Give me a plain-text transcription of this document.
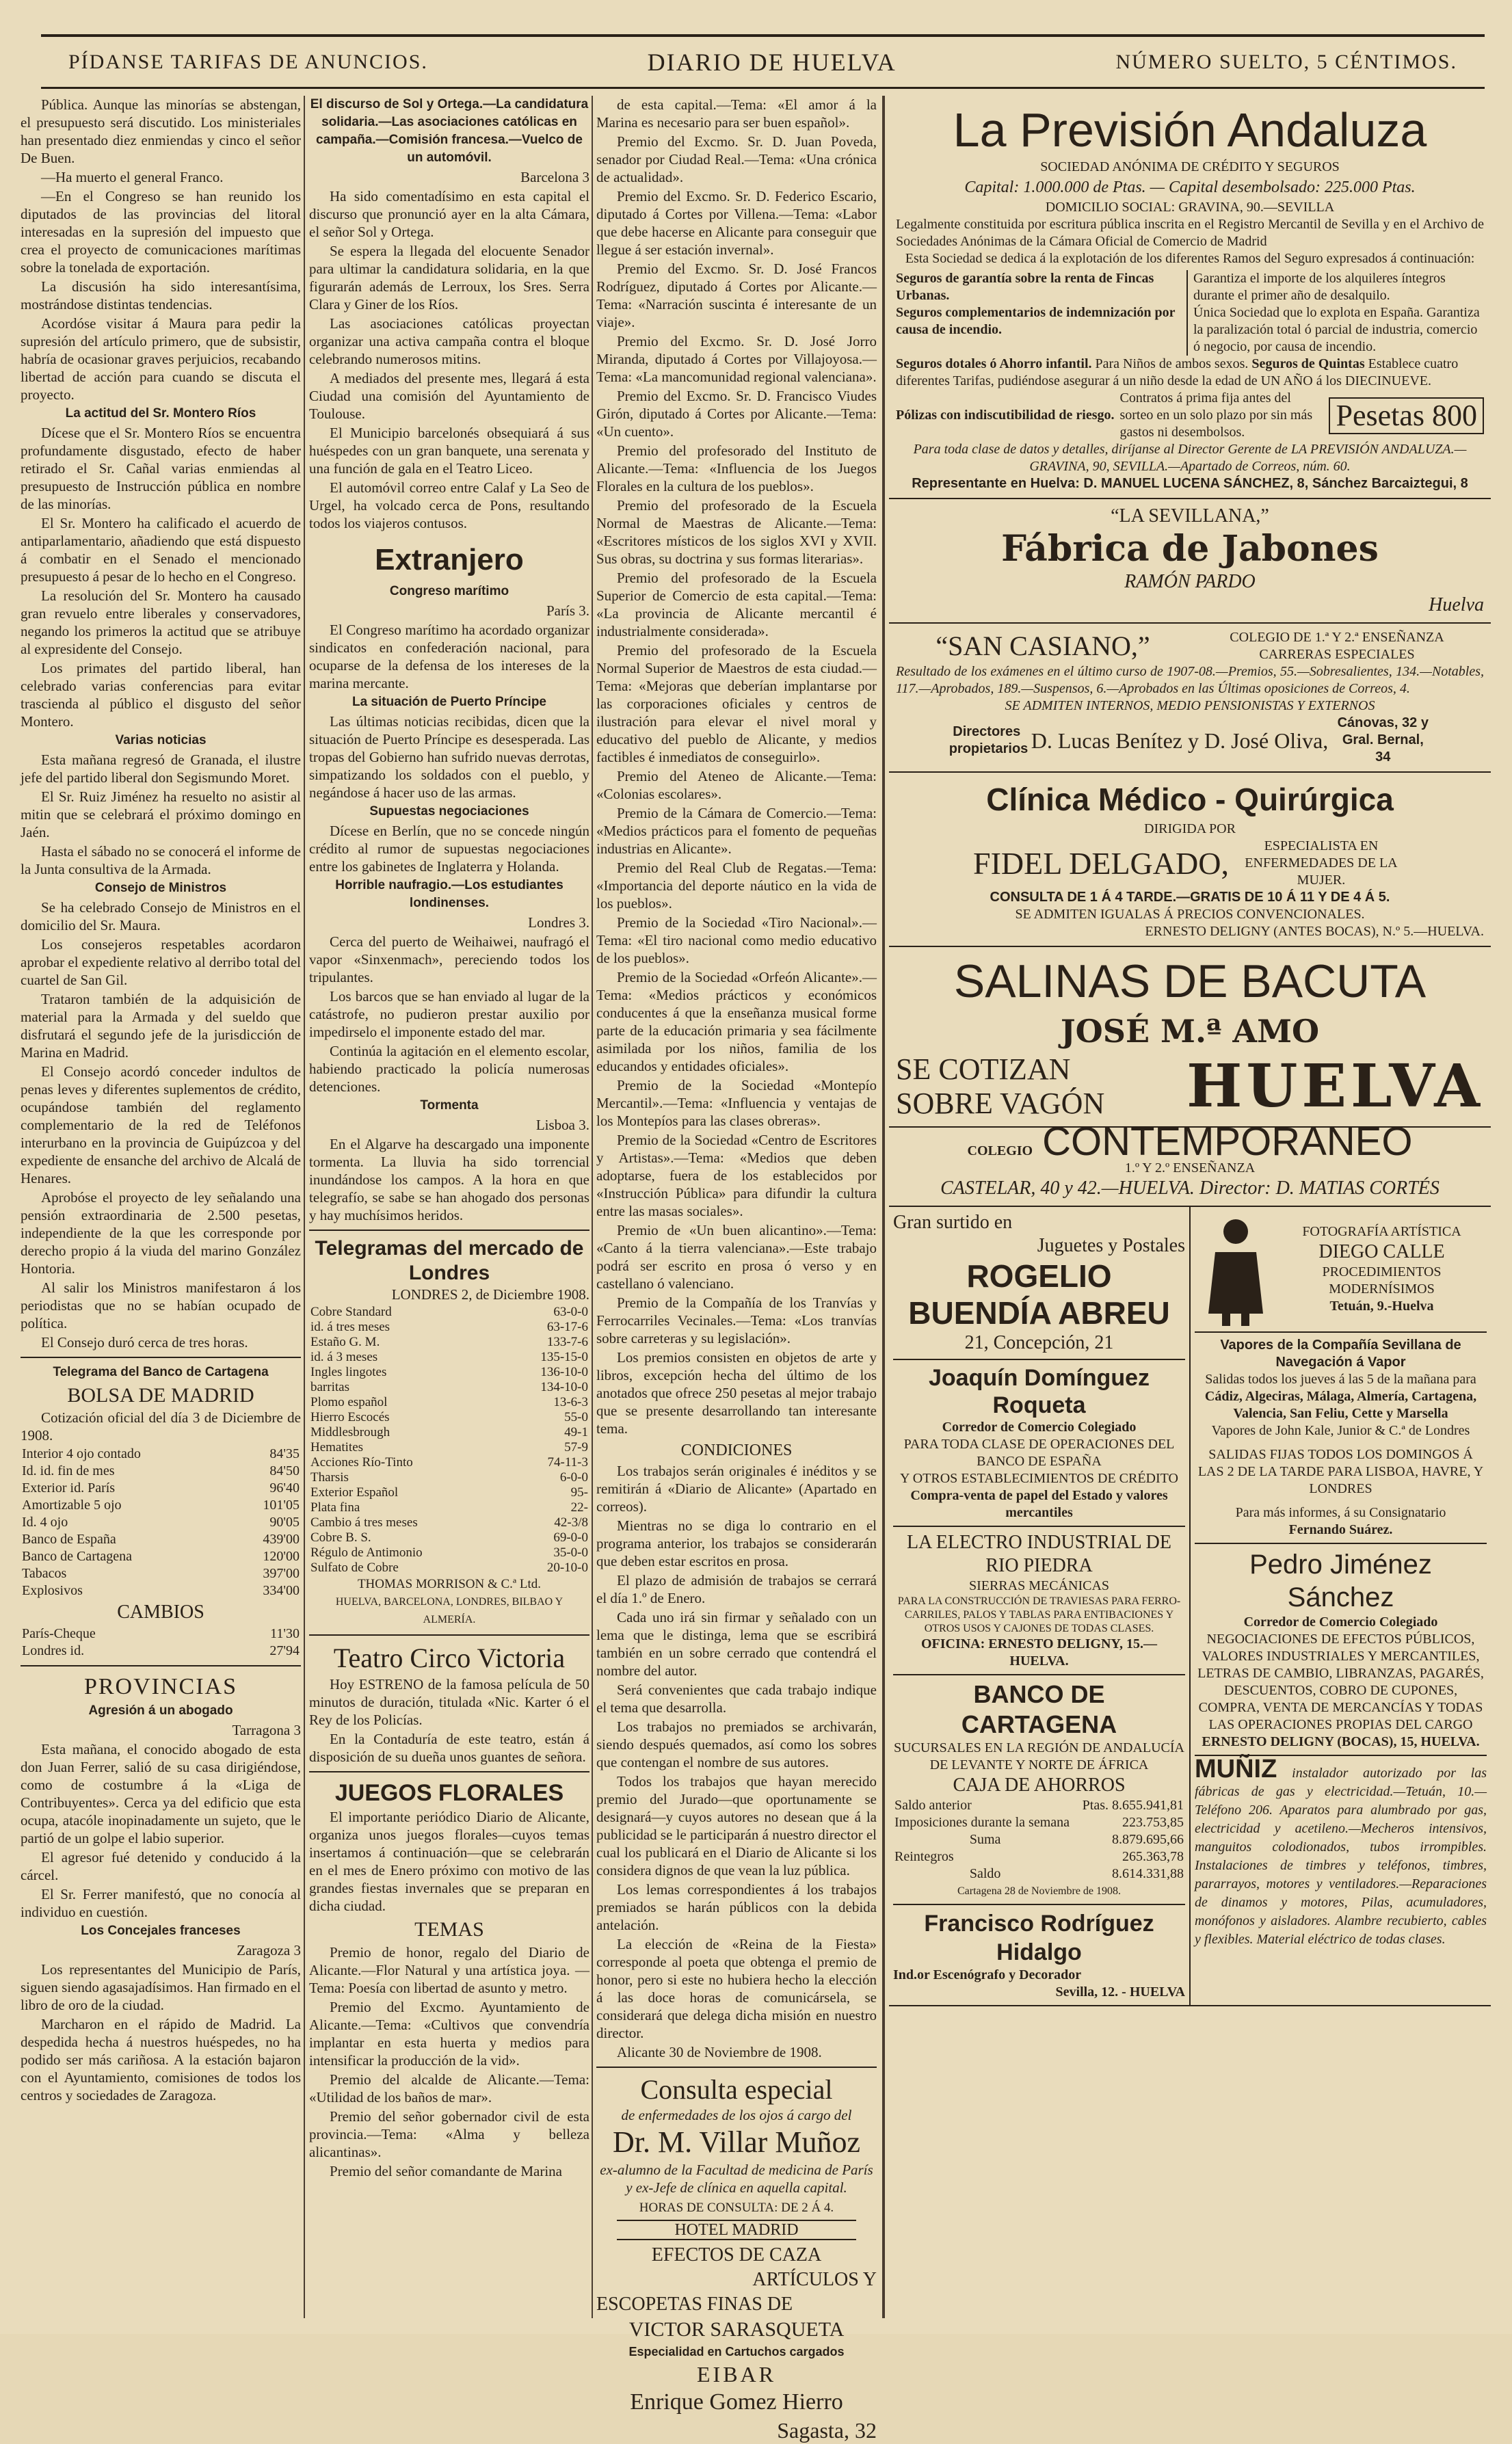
PÍDANSE TARIFAS DE ANUNCIOS.	DIARIO DE HUELVA	NÚMERO SUELTO, 5 CÉNTIMOS.

Pública. Aunque las minorías se abstengan, el presupuesto será discutido. Los ministeriales han presentado diez enmiendas y cinco el señor De Buen.

—Ha muerto el general Franco.

—En el Congreso se han reunido los diputados de las provincias del litoral interesadas en la supresión del impuesto que crea el proyecto de comunicaciones marítimas sobre la tonelada de exportación.

La discusión ha sido interesantísima, mostrándose distintas tendencias.

Acordóse visitar á Maura para pedir la supresión del artículo primero, que de subsistir, habría de ocasionar graves perjuicios, recabando libertad de acción para cuando se discuta el proyecto.

La actitud del Sr. Montero Ríos

Dícese que el Sr. Montero Ríos se encuentra profundamente disgustado, efecto de haber retirado el Sr. Cañal varias enmiendas al presupuesto de Instrucción pública en nombre de las minorías.

El Sr. Montero ha calificado el acuerdo de antiparlamentario, añadiendo que está dispuesto á combatir en el Senado el mencionado presupuesto á pesar de lo hecho en el Congreso.

La resolución del Sr. Montero ha causado gran revuelo entre liberales y conservadores, negando los primeros la actitud que se atribuye al expresidente del Consejo.

Los primates del partido liberal, han celebrado varias conferencias para evitar trascienda al público el disgusto del señor Montero.

Varias noticias

Esta mañana regresó de Granada, el ilustre jefe del partido liberal don Segismundo Moret.

El Sr. Ruiz Jiménez ha resuelto no asistir al mitin que se celebrará el próximo domingo en Jaén.

Hasta el sábado no se conocerá el informe de la Junta consultiva de la Armada.

Consejo de Ministros

Se ha celebrado Consejo de Ministros en el domicilio del Sr. Maura.

Los consejeros respetables acordaron aprobar el expediente relativo al derribo total del cuartel de San Gil.

Trataron también de la adquisición de material para la Armada y del sueldo que disfrutará el segundo jefe de la jurisdicción de Marina en Madrid.

El Consejo acordó conceder indultos de penas leves y diferentes suplementos de crédito, ocupándose también del reglamento complementario de la red de Teléfonos interurbano en la provincia de Guipúzcoa y del expediente de ensanche del archivo de Alcalá de Henares.

Aprobóse el proyecto de ley señalando una pensión extraordinaria de 2.500 pesetas, independiente de la que les corresponde por derecho propio á la viuda del marino González Hontoria.

Al salir los Ministros manifestaron á los periodistas que no se habían ocupado de política.

El Consejo duró cerca de tres horas.

Telegrama del Banco de Cartagena

BOLSA DE MADRID

Cotización oficial del día 3 de Diciembre de 1908.

Interior 4 ojo contado	84'35
Id. id. fin de mes	84'50
Exterior id. París	96'40
Amortizable 5 ojo	101'05
Id. 4 ojo	90'05
Banco de España	439'00
Banco de Cartagena	120'00
Tabacos	397'00
Explosivos	334'00
CAMBIOS
París-Cheque	11'30
Londres id.	27'94
PROVINCIAS

Agresión á un abogado

Tarragona 3

Esta mañana, el conocido abogado de esta don Juan Ferrer, salió de su casa dirigiéndose, como de costumbre á la «Liga de Contribuyentes». Cerca ya del edificio que esta ocupa, atacóle inopinadamente un sujeto, que le partió de un golpe el labio superior.

El agresor fué detenido y conducido á la cárcel.

El Sr. Ferrer manifestó, que no conocía al individuo en cuestión.

Los Concejales franceses

Zaragoza 3

Los representantes del Municipio de París, siguen siendo agasajadísimos. Han firmado en el libro de oro de la ciudad.

Marcharon en el rápido de Madrid. La despedida hecha á nuestros huéspedes, no ha podido ser más cariñosa. A la estación bajaron con el Ayuntamiento, comisiones de todos los centros y sociedades de Zaragoza.

El discurso de Sol y Ortega.—La candidatura solidaria.—Las asociaciones católicas en campaña.—Comisión francesa.—Vuelco de un automóvil.

Barcelona 3

Ha sido comentadísimo en esta capital el discurso que pronunció ayer en la alta Cámara, el señor Sol y Ortega.

Se espera la llegada del elocuente Senador para ultimar la candidatura solidaria, en la que figurarán además de Lerroux, los Sres. Serra Clara y Giner de los Ríos.

Las asociaciones católicas proyectan organizar una activa campaña contra el bloque celebrando numerosos mitins.

A mediados del presente mes, llegará á esta Ciudad una comisión del Ayuntamiento de Toulouse.

El Municipio barcelonés obsequiará á sus huéspedes con un gran banquete, una serenata y una función de gala en el Teatro Liceo.

El automóvil correo entre Calaf y La Seo de Urgel, ha volcado cerca de Pons, resultando todos los viajeros contusos.

Extranjero

Congreso marítimo

París 3.

El Congreso marítimo ha acordado organizar sindicatos en confederación nacional, para ocuparse de la defensa de los intereses de la marina mercante.

La situación de Puerto Príncipe

Las últimas noticias recibidas, dicen que la situación de Puerto Príncipe es desesperada. Las tropas del Gobierno han sufrido nuevas derrotas, simpatizando los soldados con el pueblo, y negándose á hacer uso de las armas.

Supuestas negociaciones

Dícese en Berlín, que no se concede ningún crédito al rumor de supuestas negociaciones entre los gabinetes de Inglaterra y Holanda.

Horrible naufragio.—Los estudiantes londinenses.

Londres 3.

Cerca del puerto de Weihaiwei, naufragó el vapor «Sinxenmach», pereciendo todos los tripulantes.

Los barcos que se han enviado al lugar de la catástrofe, no pudieron prestar auxilio por impedirselo el imponente estado del mar.

Continúa la agitación en el elemento escolar, habiendo practicado la policía numerosas detenciones.

Tormenta

Lisboa 3.

En el Algarve ha descargado una imponente tormenta. La lluvia ha sido torrencial inundándose los campos. A la hora en que telegrafío, se sabe se han ahogado dos personas y hay muchísimos heridos.

Telegramas del mercado de Londres

LONDRES 2, de Diciembre 1908.

Cobre Standard	63-0-0
id. á tres meses	63-17-6
Estaño G. M.	133-7-6
id. á 3 meses	135-15-0
Ingles lingotes	136-10-0
barritas	134-10-0
Plomo español	13-6-3
Hierro Escocés	55-0
Middlesbrough	49-1
Hematites	57-9
Acciones Río-Tinto	74-11-3
Tharsis	6-0-0
Exterior Español	95-
Plata fina	22-
Cambio á tres meses	42-3/8
Cobre B. S.	69-0-0
Régulo de Antimonio	35-0-0
Sulfato de Cobre	20-10-0
THOMAS MORRISON & C.ª Ltd.
HUELVA, BARCELONA, LONDRES, BILBAO Y ALMERÍA.
Teatro Circo Victoria

Hoy ESTRENO de la famosa película de 50 minutos de duración, titulada «Nic. Karter ó el Rey de los Policías.

En la Contaduría de este teatro, están á disposición de su dueña unos guantes de señora.

JUEGOS FLORALES

El importante periódico Diario de Alicante, organiza unos juegos florales—cuyos temas insertamos á continuación—que se celebrarán en el mes de Enero próximo con motivo de las grandes fiestas invernales que se preparan en dicha ciudad.

TEMAS

Premio de honor, regalo del Diario de Alicante.—Flor Natural y una artística joya. —Tema: Poesía con libertad de asunto y metro.

Premio del Excmo. Ayuntamiento de Alicante.—Tema: «Cultivos que convendría implantar en esta huerta y medios para intensificar la producción de la vid».

Premio del alcalde de Alicante.—Tema: «Utilidad de los baños de mar».

Premio del señor gobernador civil de esta provincia.—Tema: «Alma y belleza alicantinas».

Premio del señor comandante de Marina

de esta capital.—Tema: «El amor á la Marina es necesario para ser buen español».

Premio del Excmo. Sr. D. Juan Poveda, senador por Ciudad Real.—Tema: «Una crónica de actualidad».

Premio del Excmo. Sr. D. Federico Escario, diputado á Cortes por Villena.—Tema: «Labor que debe hacerse en Alicante para conseguir que llegue á ser estación invernal».

Premio del Excmo. Sr. D. José Francos Rodríguez, diputado á Cortes por Alicante.—Tema: «Narración suscinta é interesante de un viaje».

Premio del Excmo. Sr. D. José Jorro Miranda, diputado á Cortes por Villajoyosa.—Tema: «La mancomunidad regional valenciana».

Premio del Excmo. Sr. D. Francisco Viudes Girón, diputado á Cortes por Alicante.—Tema: «Un cuento».

Premio del profesorado del Instituto de Alicante.—Tema: «Influencia de los Juegos Florales en la cultura de los pueblos».

Premio del profesorado de la Escuela Normal de Maestras de Alicante.—Tema: «Escritores místicos de los siglos XVI y XVII. Sus obras, su doctrina y sus formas literarias».

Premio del profesorado de la Escuela Superior de Comercio de esta capital.—Tema: «La provincia de Alicante mercantil é industrialmente considerada».

Premio del profesorado de la Escuela Normal Superior de Maestros de esta ciudad.—Tema: «Mejoras que deberían implantarse por las corporaciones oficiales y centros de ilustración para elevar el nivel moral y educativo del pueblo de Alicante, y medios factibles é inmediatos de conseguirlo».

Premio del Ateneo de Alicante.—Tema: «Colonias escolares».

Premio de la Cámara de Comercio.—Tema: «Medios prácticos para el fomento de pequeñas industrias en Alicante».

Premio del Real Club de Regatas.—Tema: «Importancia del deporte náutico en la vida de los pueblos».

Premio de la Sociedad «Tiro Nacional».—Tema: «El tiro nacional como medio educativo de los pueblos».

Premio de la Sociedad «Orfeón Alicante».—Tema: «Medios prácticos y económicos conducentes á que la enseñanza musical forme parte de la educación primaria y sea fácilmente asimilada por los niños, familia de los educandos y entidades oficiales».

Premio de la Sociedad «Montepío Mercantil».—Tema: «Influencia y ventajas de los Montepíos para las clases obreras».

Premio de la Sociedad «Centro de Escritores y Artistas».—Tema: «Medios que deben adoptarse, fuera de los establecidos por «Instrucción Pública» para difundir la cultura entre las masas sociales».

Premio de «Un buen alicantino».—Tema: «Canto á la tierra valenciana».—Este trabajo podrá ser escrito en prosa ó verso y en castellano ó valenciano.

Premio de la Compañía de los Tranvías y Ferrocarriles Vecinales.—Tema: «Los tranvías sobre carreteras y su legislación».

Los premios consisten en objetos de arte y libros, excepción hecha del último de los anotados que ofrece 250 pesetas al mejor trabajo que se presente desarrollando tan interesante tema.

CONDICIONES

Los trabajos serán originales é inéditos y se remitirán á «Diario de Alicante» (Apartado en correos).

Mientras no se diga lo contrario en el programa anterior, los trabajos se considerarán que deben estar escritos en prosa.

El plazo de admisión de trabajos se cerrará el día 1.º de Enero.

Cada uno irá sin firmar y señalado con un lema que le distinga, lema que se escribirá también en un sobre cerrado que contendrá el nombre del autor.

Será convenientes que cada trabajo indique el tema que desarrolla.

Los trabajos no premiados se archivarán, siendo después quemados, así como los sobres que contengan el nombre de sus autores.

Todos los trabajos que hayan merecido premio del Jurado—que oportunamente se designará—y cuyos autores no desean que á la publicidad se le participarán á nuestro director el cual los publicará en el Diario de Alicante si los considera dignos de que vean la luz pública.

Los lemas correspondientes á los trabajos premiados se harán públicos con la debida antelación.

La elección de «Reina de la Fiesta» corresponde al poeta que obtenga el premio de honor, pero si este no hubiera hecho la elección á las doce horas de comunicársela, se considerará que delega dicha misión en nuestro director.

Alicante 30 de Noviembre de 1908.

Consulta especial
de enfermedades de los ojos á cargo del
Dr. M. Villar Muñoz
ex-alumno de la Facultad de medicina de París y ex-Jefe de clínica en aquella capital.
HORAS DE CONSULTA: DE 2 Á 4.
HOTEL MADRID
EFECTOS DE CAZA
ARTÍCULOS Y
ESCOPETAS FINAS DE
VICTOR SARASQUETA
Especialidad en Cartuchos cargados
EIBAR
Enrique Gomez Hierro
Sagasta, 32
La Previsión Andaluza
SOCIEDAD ANÓNIMA DE CRÉDITO Y SEGUROS
Capital: 1.000.000 de Ptas. — Capital desembolsado: 225.000 Ptas.
DOMICILIO SOCIAL: GRAVINA, 90.—SEVILLA
Legalmente constituida por escritura pública inscrita en el Registro Mercantil de Sevilla y en el Archivo de Sociedades Anónimas de la Cámara Oficial de Comercio de Madrid
Esta Sociedad se dedica á la explotación de los diferentes Ramos del Seguro expresados á continuación:
Seguros de garantía sobre la renta de Fincas Urbanas.
Garantiza el importe de los alquileres íntegros durante el primer año de desalquilo.
Seguros complementarios de indemnización por causa de incendio.
Única Sociedad que lo explota en España. Garantiza la paralización total ó parcial de industria, comercio ó negocio, por causa de incendio.
Seguros dotales ó Ahorro infantil. Para Niños de ambos sexos. Seguros de Quintas Establece cuatro diferentes Tarifas, pudiéndose asegurar á un niño desde la edad de UN AÑO á los DIECINUEVE.
Pólizas con indiscutibilidad de riesgo.
Contratos á prima fija antes del sorteo en un solo plazo por sin más gastos ni desembolsos.
Pesetas 800
Para toda clase de datos y detalles, diríjanse al Director Gerente de LA PREVISIÓN ANDALUZA.—GRAVINA, 90, SEVILLA.—Apartado de Correos, núm. 60.
Representante en Huelva: D. MANUEL LUCENA SÁNCHEZ, 8, Sánchez Barcaiztegui, 8
“LA SEVILLANA,”
Fábrica de Jabones
RAMÓN PARDO
Huelva
“SAN CASIANO,”	COLEGIO DE 1.ª Y 2.ª ENSEÑANZA
CARRERAS ESPECIALES
Resultado de los exámenes en el último curso de 1907-08.—Premios, 55.—Sobresalientes, 134.—Notables, 117.—Aprobados, 189.—Suspensos, 6.—Aprobados en las Últimas oposiciones de Correos, 4.
SE ADMITEN INTERNOS, MEDIO PENSIONISTAS Y EXTERNOS
Directores propietarios D. Lucas Benítez y D. José Oliva,
Cánovas, 32 y Gral. Bernal, 34
Clínica Médico - Quirúrgica
DIRIGIDA POR
FIDEL DELGADO,	ESPECIALISTA EN ENFERMEDADES DE LA MUJER.
CONSULTA DE 1 Á 4 TARDE.—GRATIS DE 10 Á 11 Y DE 4 Á 5.
SE ADMITEN IGUALAS Á PRECIOS CONVENCIONALES.
ERNESTO DELIGNY (ANTES BOCAS), N.º 5.—HUELVA.
SALINAS DE BACUTA
JOSÉ M.ª AMO
SE COTIZAN
SOBRE VAGÓN HUELVA
COLEGIO CONTEMPORANEO
1.º Y 2.º ENSEÑANZA
CASTELAR, 40 y 42.—HUELVA. Director: D. MATIAS CORTÉS
Gran surtido en
Juguetes y Postales
ROGELIO BUENDÍA ABREU
21, Concepción, 21
Joaquín Domínguez Roqueta
Corredor de Comercio Colegiado
PARA TODA CLASE DE OPERACIONES DEL BANCO DE ESPAÑA
Y OTROS ESTABLECIMIENTOS DE CRÉDITO
Compra-venta de papel del Estado y valores mercantiles
LA ELECTRO INDUSTRIAL DE RIO PIEDRA
SIERRAS MECÁNICAS
PARA LA CONSTRUCCIÓN DE TRAVIESAS PARA FERRO-CARRILES, PALOS Y TABLAS PARA ENTIBACIONES Y OTROS USOS Y CAJONES DE TODAS CLASES.
OFICINA: ERNESTO DELIGNY, 15.—HUELVA.
BANCO DE CARTAGENA
SUCURSALES EN LA REGIÓN DE ANDALUCÍA DE LEVANTE Y NORTE DE ÁFRICA
CAJA DE AHORROS
Saldo anterior	Ptas. 8.655.941,81
Imposiciones durante la semana	223.753,85
Suma	8.879.695,66
Reintegros	265.363,78
Saldo	8.614.331,88
Cartagena 28 de Noviembre de 1908.
Francisco Rodríguez Hidalgo
Ind.or Escenógrafo y Decorador
Sevilla, 12. - HUELVA
FOTOGRAFÍA ARTÍSTICA
DIEGO CALLE
PROCEDIMIENTOS
MODERNÍSIMOS
Tetuán, 9.-Huelva
Vapores de la Compañía Sevillana de Navegación á Vapor
Salidas todos los jueves á las 5 de la mañana para
Cádiz, Algeciras, Málaga, Almería, Cartagena, Valencia, San Feliu, Cette y Marsella
Vapores de John Kale, Junior & C.ª de Londres
SALIDAS FIJAS TODOS LOS DOMINGOS Á LAS 2 DE LA TARDE PARA LISBOA, HAVRE, Y LONDRES
Para más informes, á su Consignatario
Fernando Suárez.
Pedro Jiménez Sánchez
Corredor de Comercio Colegiado
NEGOCIACIONES DE EFECTOS PÚBLICOS, VALORES INDUSTRIALES Y MERCANTILES, LETRAS DE CAMBIO, LIBRANZAS, PAGARÉS, DESCUENTOS, COBRO DE CUPONES, COMPRA, VENTA DE MERCANCÍAS Y TODAS LAS OPERACIONES PROPIAS DEL CARGO
ERNESTO DELIGNY (BOCAS), 15, HUELVA.
MUÑIZ instalador autorizado por las fábricas de gas y electricidad.—Tetuán, 10.—Teléfono 206. Aparatos para alumbrado por gas, electricidad y acetileno.—Mecheros intensivos, manguitos colodionados, tubos irrompibles. Instalaciones de timbres y teléfonos, timbres, pararrayos, motores y ventiladores.—Reparaciones de dinamos y motores, Pilas, acumuladores, monófonos y aisladores. Alambre recubierto, cables y flexibles. Material eléctrico de todas clases.
